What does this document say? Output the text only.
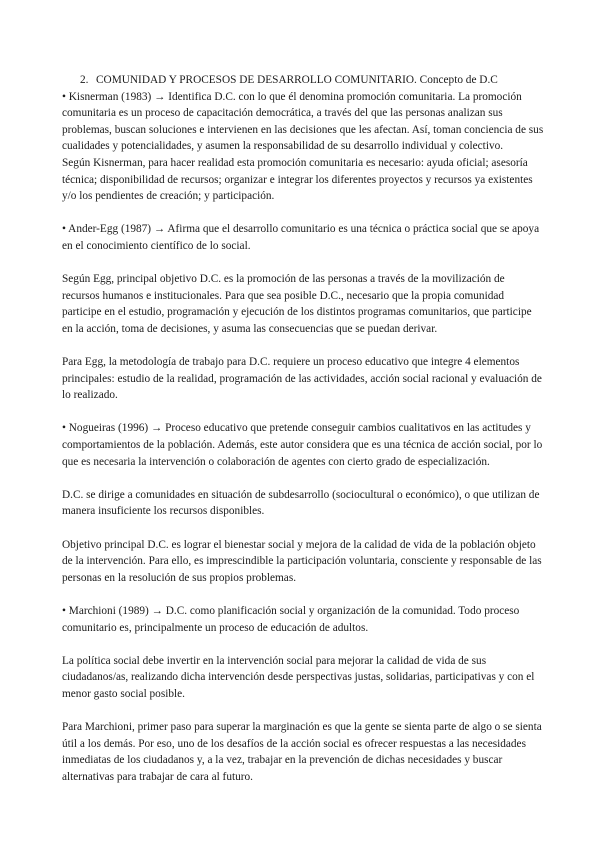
2. COMUNIDAD Y PROCESOS DE DESARROLLO COMUNITARIO. Concepto de D.C

• Kisnerman (1983) → Identifica D.C. con lo que él denomina promoción comunitaria. La promoción comunitaria es un proceso de capacitación democrática, a través del que las personas analizan sus problemas, buscan soluciones e intervienen en las decisiones que les afectan. Así, toman conciencia de sus cualidades y potencialidades, y asumen la responsabilidad de su desarrollo individual y colectivo.

Según Kisnerman, para hacer realidad esta promoción comunitaria es necesario: ayuda oficial; asesoría técnica; disponibilidad de recursos; organizar e integrar los diferentes proyectos y recursos ya existentes y/o los pendientes de creación; y participación.

• Ander-Egg (1987) → Afirma que el desarrollo comunitario es una técnica o práctica social que se apoya en el conocimiento científico de lo social.

Según Egg, principal objetivo D.C. es la promoción de las personas a través de la movilización de recursos humanos e institucionales. Para que sea posible D.C., necesario que la propia comunidad participe en el estudio, programación y ejecución de los distintos programas comunitarios, que participe en la acción, toma de decisiones, y asuma las consecuencias que se puedan derivar.

Para Egg, la metodología de trabajo para D.C. requiere un proceso educativo que integre 4 elementos principales: estudio de la realidad, programación de las actividades, acción social racional y evaluación de lo realizado.

• Nogueiras (1996) → Proceso educativo que pretende conseguir cambios cualitativos en las actitudes y comportamientos de la población. Además, este autor considera que es una técnica de acción social, por lo que es necesaria la intervención o colaboración de agentes con cierto grado de especialización.

D.C. se dirige a comunidades en situación de subdesarrollo (sociocultural o económico), o que utilizan de manera insuficiente los recursos disponibles.

Objetivo principal D.C. es lograr el bienestar social y mejora de la calidad de vida de la población objeto de la intervención. Para ello, es imprescindible la participación voluntaria, consciente y responsable de las personas en la resolución de sus propios problemas.

• Marchioni (1989) → D.C. como planificación social y organización de la comunidad. Todo proceso comunitario es, principalmente un proceso de educación de adultos.

La política social debe invertir en la intervención social para mejorar la calidad de vida de sus ciudadanos/as, realizando dicha intervención desde perspectivas justas, solidarias, participativas y con el menor gasto social posible.

Para Marchioni, primer paso para superar la marginación es que la gente se sienta parte de algo o se sienta útil a los demás. Por eso, uno de los desafíos de la acción social es ofrecer respuestas a las necesidades inmediatas de los ciudadanos y, a la vez, trabajar en la prevención de dichas necesidades y buscar alternativas para trabajar de cara al futuro.
